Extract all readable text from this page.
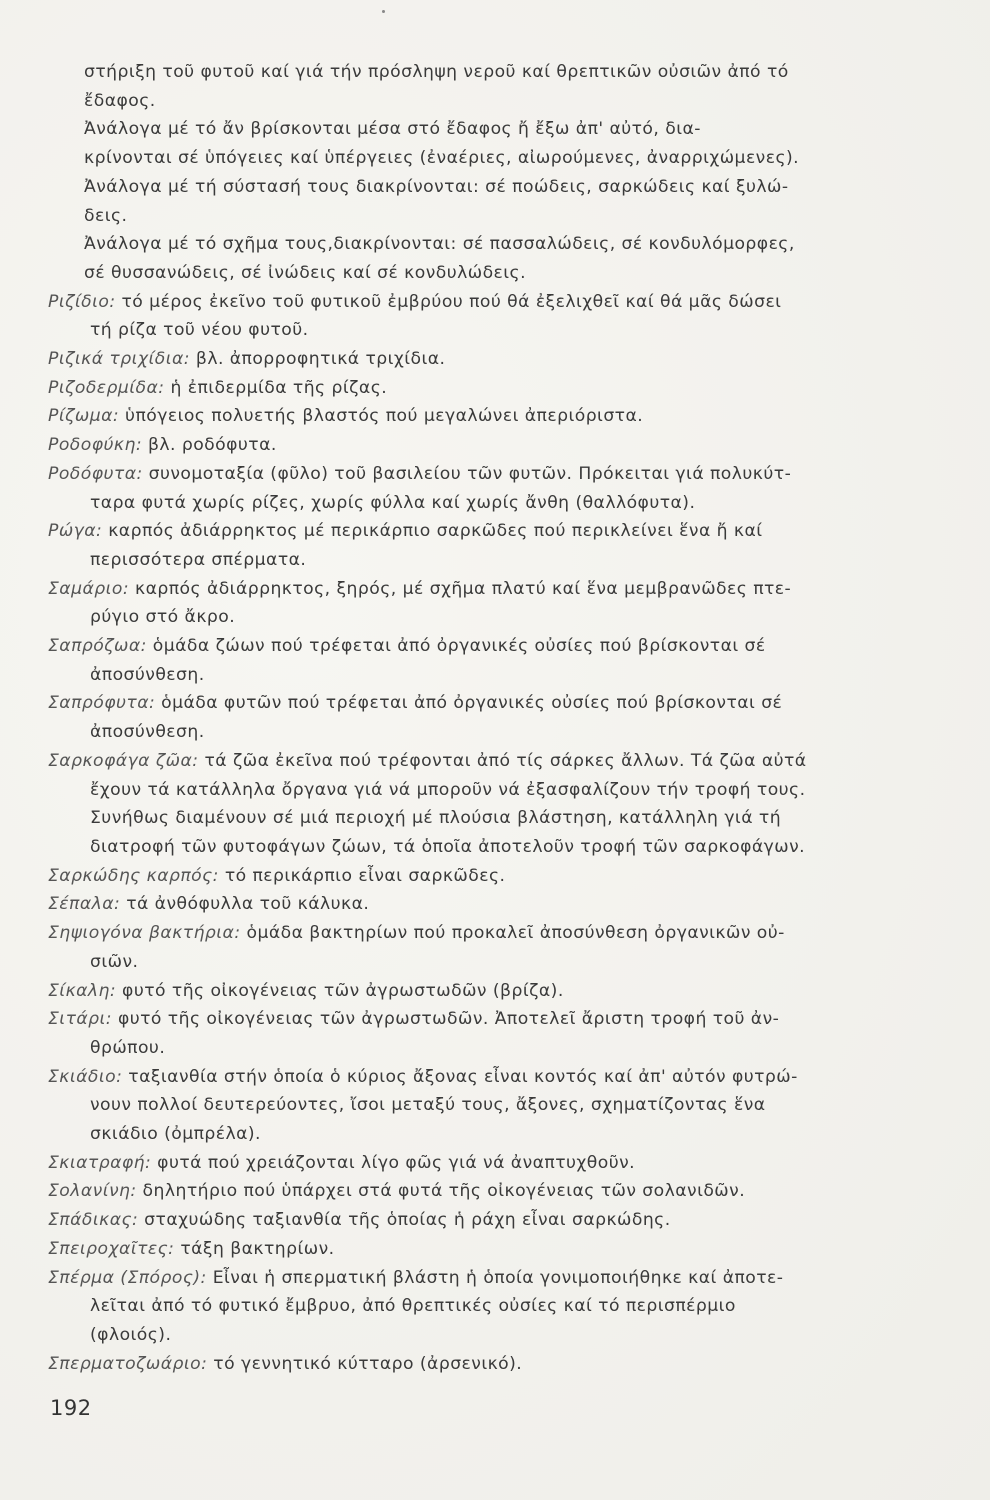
στήριξη τοῦ φυτοῦ καί γιά τήν πρόσληψη νεροῦ καί θρεπτικῶν οὐσιῶν ἀπό τό
ἔδαφος.
Ἀνάλογα μέ τό ἄν βρίσκονται μέσα στό ἔδαφος ἤ ἔξω ἀπ' αὐτό, δια-
κρίνονται σέ ὑπόγειες καί ὑπέργειες (ἐναέριες, αἰωρούμενες, ἀναρριχώμενες).
Ἀνάλογα μέ τή σύστασή τους διακρίνονται: σέ ποώδεις, σαρκώδεις καί ξυλώ-
δεις.
Ἀνάλογα μέ τό σχῆμα τους,διακρίνονται: σέ πασσαλώδεις, σέ κονδυλόμορφες,
σέ θυσσανώδεις, σέ ἰνώδεις καί σέ κονδυλώδεις.
Ριζίδιο: τό μέρος ἐκεῖνο τοῦ φυτικοῦ ἐμβρύου πού θά ἐξελιχθεῖ καί θά μᾶς δώσει
τή ρίζα τοῦ νέου φυτοῦ.
Ριζικά τριχίδια: βλ. ἀπορροφητικά τριχίδια.
Ριζοδερμίδα: ἡ ἐπιδερμίδα τῆς ρίζας.
Ρίζωμα: ὑπόγειος πολυετής βλαστός πού μεγαλώνει ἀπεριόριστα.
Ροδοφύκη: βλ. ροδόφυτα.
Ροδόφυτα: συνομοταξία (φῦλο) τοῦ βασιλείου τῶν φυτῶν. Πρόκειται γιά πολυκύτ-
ταρα φυτά χωρίς ρίζες, χωρίς φύλλα καί χωρίς ἄνθη (θαλλόφυτα).
Ρώγα: καρπός ἀδιάρρηκτος μέ περικάρπιο σαρκῶδες πού περικλείνει ἕνα ἤ καί
περισσότερα σπέρματα.
Σαμάριο: καρπός ἀδιάρρηκτος, ξηρός, μέ σχῆμα πλατύ καί ἕνα μεμβρανῶδες πτε-
ρύγιο στό ἄκρο.
Σαπρόζωα: ὁμάδα ζώων πού τρέφεται ἀπό ὀργανικές οὐσίες πού βρίσκονται σέ
ἀποσύνθεση.
Σαπρόφυτα: ὁμάδα φυτῶν πού τρέφεται ἀπό ὀργανικές οὐσίες πού βρίσκονται σέ
ἀποσύνθεση.
Σαρκοφάγα ζῶα: τά ζῶα ἐκεῖνα πού τρέφονται ἀπό τίς σάρκες ἄλλων. Τά ζῶα αὐτά
ἔχουν τά κατάλληλα ὄργανα γιά νά μποροῦν νά ἐξασφαλίζουν τήν τροφή τους.
Συνήθως διαμένουν σέ μιά περιοχή μέ πλούσια βλάστηση, κατάλληλη γιά τή
διατροφή τῶν φυτοφάγων ζώων, τά ὁποῖα ἀποτελοῦν τροφή τῶν σαρκοφάγων.
Σαρκώδης καρπός: τό περικάρπιο εἶναι σαρκῶδες.
Σέπαλα: τά ἀνθόφυλλα τοῦ κάλυκα.
Σηψιογόνα βακτήρια: ὁμάδα βακτηρίων πού προκαλεῖ ἀποσύνθεση ὀργανικῶν οὐ-
σιῶν.
Σίκαλη: φυτό τῆς οἰκογένειας τῶν ἀγρωστωδῶν (βρίζα).
Σιτάρι: φυτό τῆς οἰκογένειας τῶν ἀγρωστωδῶν. Ἀποτελεῖ ἄριστη τροφή τοῦ ἀν-
θρώπου.
Σκιάδιο: ταξιανθία στήν ὁποία ὁ κύριος ἄξονας εἶναι κοντός καί ἀπ' αὐτόν φυτρώ-
νουν πολλοί δευτερεύοντες, ἴσοι μεταξύ τους, ἄξονες, σχηματίζοντας ἕνα
σκιάδιο (ὀμπρέλα).
Σκιατραφή: φυτά πού χρειάζονται λίγο φῶς γιά νά ἀναπτυχθοῦν.
Σολανίνη: δηλητήριο πού ὑπάρχει στά φυτά τῆς οἰκογένειας τῶν σολανιδῶν.
Σπάδικας: σταχυώδης ταξιανθία τῆς ὁποίας ἡ ράχη εἶναι σαρκώδης.
Σπειροχαῖτες: τάξη βακτηρίων.
Σπέρμα (Σπόρος): Εἶναι ἡ σπερματική βλάστη ἡ ὁποία γονιμοποιήθηκε καί ἀποτε-
λεῖται ἀπό τό φυτικό ἔμβρυο, ἀπό θρεπτικές οὐσίες καί τό περισπέρμιο
(φλοιός).
Σπερματοζωάριο: τό γεννητικό κύτταρο (ἀρσενικό).
192
